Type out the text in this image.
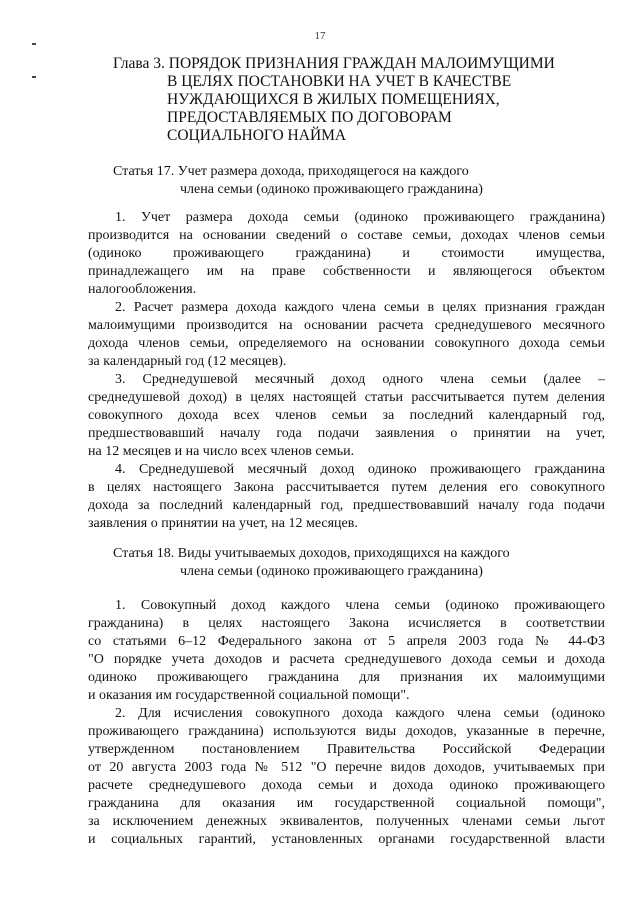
17
Глава 3. ПОРЯДОК ПРИЗНАНИЯ ГРАЖДАН МАЛОИМУЩИМИ
В ЦЕЛЯХ ПОСТАНОВКИ НА УЧЕТ В КАЧЕСТВЕ
НУЖДАЮЩИХСЯ В ЖИЛЫХ ПОМЕЩЕНИЯХ,
ПРЕДОСТАВЛЯЕМЫХ ПО ДОГОВОРАМ
СОЦИАЛЬНОГО НАЙМА
Статья 17. Учет размера дохода, приходящегося на каждого
члена семьи (одиноко проживающего гражданина)
1. Учет размера дохода семьи (одиноко проживающего гражданина)
производится на основании сведений о составе семьи, доходах членов семьи
(одиноко проживающего гражданина) и стоимости имущества,
принадлежащего им на праве собственности и являющегося объектом
налогообложения.
2. Расчет размера дохода каждого члена семьи в целях признания граждан
малоимущими производится на основании расчета среднедушевого месячного
дохода членов семьи, определяемого на основании совокупного дохода семьи
за календарный год (12 месяцев).
3. Среднедушевой месячный доход одного члена семьи (далее –
среднедушевой доход) в целях настоящей статьи рассчитывается путем деления
совокупного дохода всех членов семьи за последний календарный год,
предшествовавший началу года подачи заявления о принятии на учет,
на 12 месяцев и на число всех членов семьи.
4. Среднедушевой месячный доход одиноко проживающего гражданина
в целях настоящего Закона рассчитывается путем деления его совокупного
дохода за последний календарный год, предшествовавший началу года подачи
заявления о принятии на учет, на 12 месяцев.
Статья 18. Виды учитываемых доходов, приходящихся на каждого
члена семьи (одиноко проживающего гражданина)
1. Совокупный доход каждого члена семьи (одиноко проживающего
гражданина) в целях настоящего Закона исчисляется в соответствии
со статьями 6–12 Федерального закона от 5 апреля 2003 года № 44-ФЗ
"О порядке учета доходов и расчета среднедушевого дохода семьи и дохода
одиноко проживающего гражданина для признания их малоимущими
и оказания им государственной социальной помощи".
2. Для исчисления совокупного дохода каждого члена семьи (одиноко
проживающего гражданина) используются виды доходов, указанные в перечне,
утвержденном постановлением Правительства Российской Федерации
от 20 августа 2003 года № 512 "О перечне видов доходов, учитываемых при
расчете среднедушевого дохода семьи и дохода одиноко проживающего
гражданина для оказания им государственной социальной помощи",
за исключением денежных эквивалентов, полученных членами семьи льгот
и социальных гарантий, установленных органами государственной власти
